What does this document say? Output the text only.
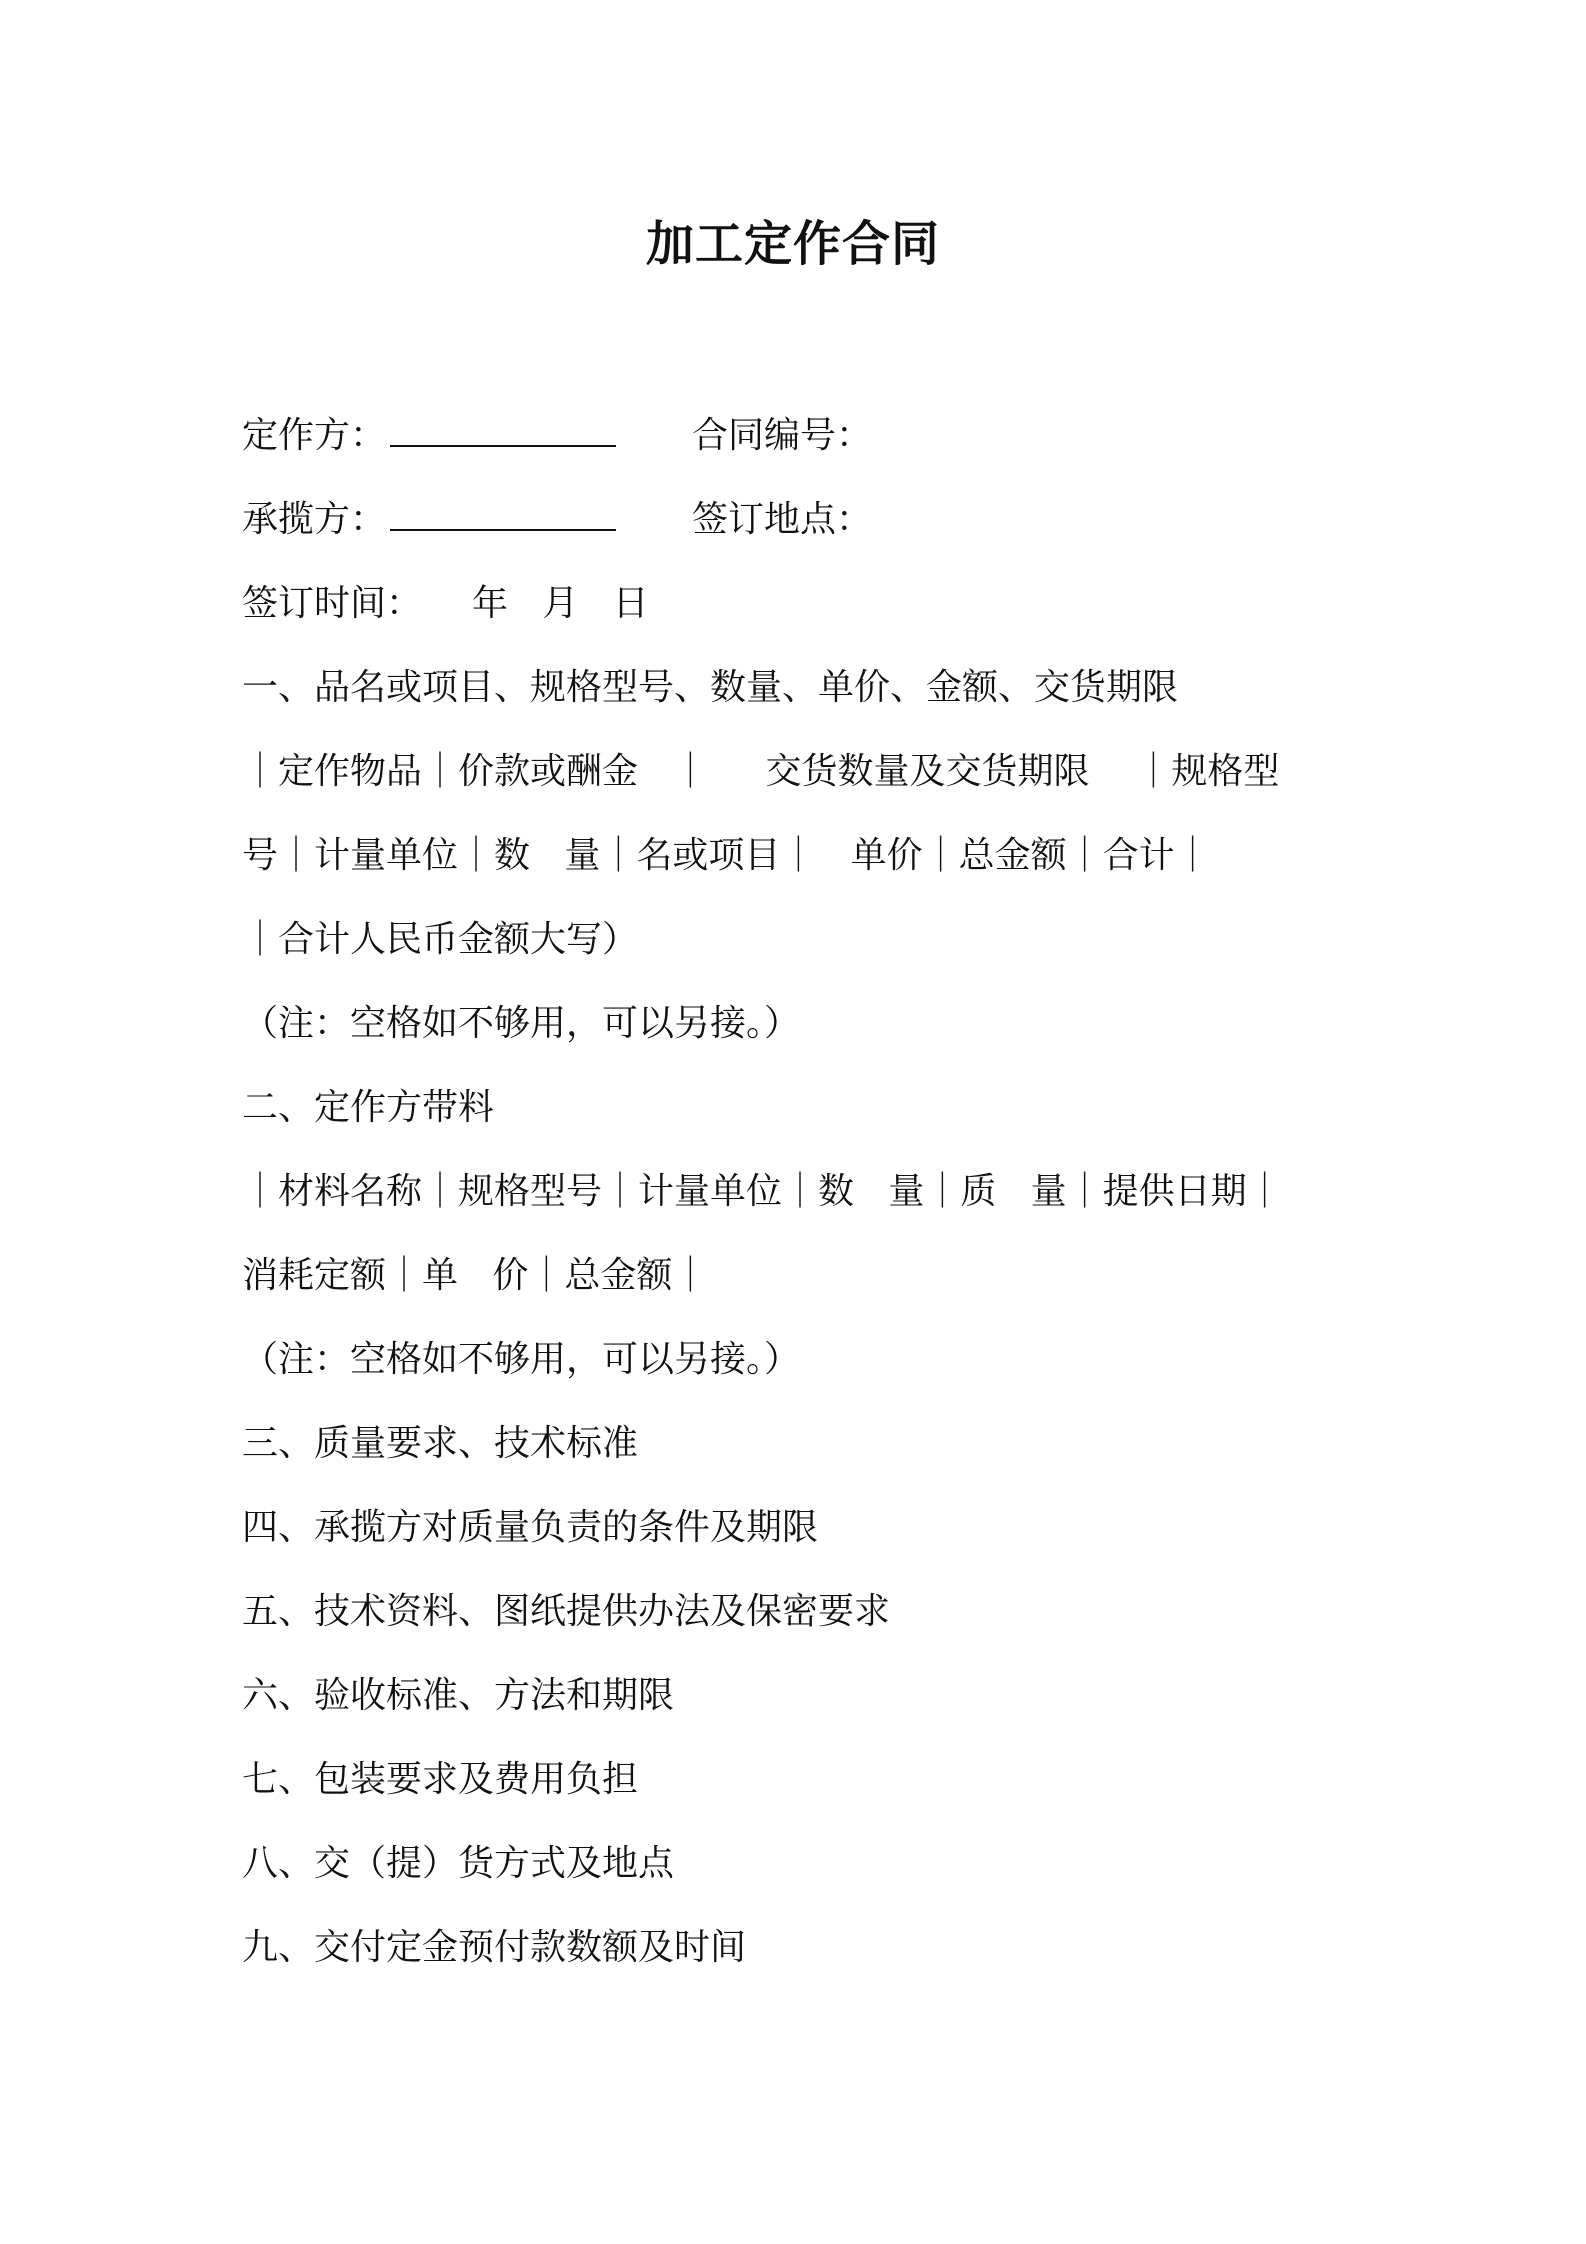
加工定作合同
定作方：	合同编号：
承揽方：	签订地点：
签订时间： 年   月   日
一、品名或项目、规格型号、数量、单价、金额、交货期限
｜定作物品｜价款或酬金   ｜     交货数量及交货期限    ｜规格型
号｜计量单位｜数   量｜名或项目｜   单价｜总金额｜合计｜
｜合计人民币金额大写）
（注：空格如不够用，可以另接。）
二、定作方带料
｜材料名称｜规格型号｜计量单位｜数   量｜质   量｜提供日期｜
消耗定额｜单   价｜总金额｜
（注：空格如不够用，可以另接。）
三、质量要求、技术标准
四、承揽方对质量负责的条件及期限
五、技术资料、图纸提供办法及保密要求
六、验收标准、方法和期限
七、包装要求及费用负担
八、交（提）货方式及地点
九、交付定金预付款数额及时间
